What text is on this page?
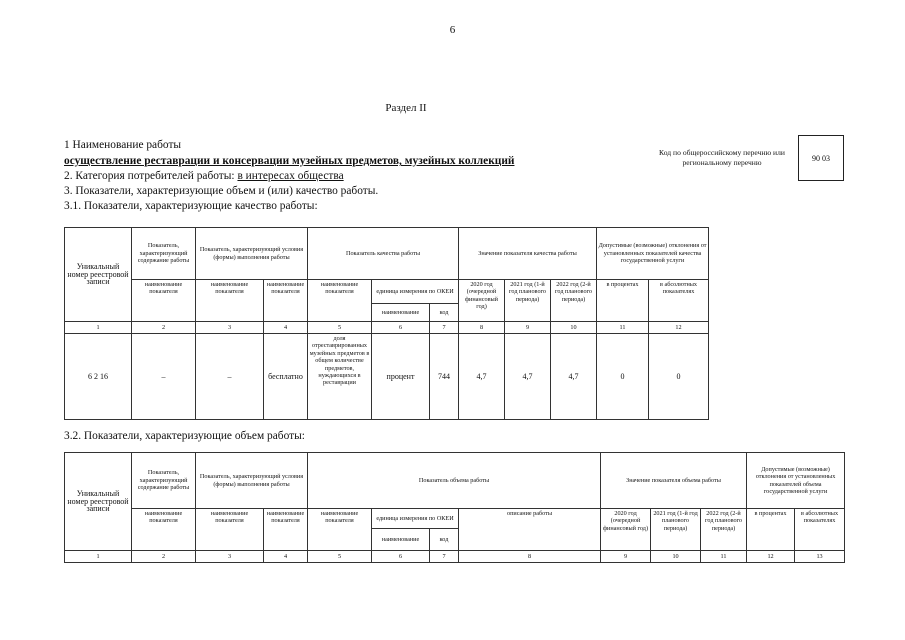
6
Раздел II
1 Наименование работы
осуществление реставрации и консервации музейных предметов, музейных коллекций
2. Категория потребителей работы: в интересах общества
3. Показатели, характеризующие объем и (или) качество работы.
3.1. Показатели, характеризующие качество работы:
3.2. Показатели, характеризующие объем работы:
Код по общероссийскому перечню или региональному перечню	90 03
Уникальный номер реестровой записи	Показатель, характеризующий содержание работы	Показатель, характеризующий условия (формы) выполнения работы		Показатель качества работы			Значение показателя качества работы			Допустимые (возможные) отклонения от установленных показателей качества государственной услуги	
	наименование показателя	наименование показателя	наименование показателя	наименование показателя	единица измерения по ОКЕИ		2020 год (очередной финансовый год)	2021 год (1-й год планового периода)	2022 год (2-й год планового периода)	в процентах	в абсолютных показателях
					наименование	код					
1	2	3	4	5	6	7	8	9	10	11	12
6 2 16	–	–	бесплатно	доля отреставрированных музейных предметов в общем количестве предметов, нуждающихся в реставрации	процент	744	4,7	4,7	4,7	0	0
Уникальный номер реестровой записи	Показатель, характеризующий содержание работы	Показатель, характеризующий условия (формы) выполнения работы		Показатель объема работы				Значение показателя объема работы			Допустимые (возможные) отклонения от установленных показателей объема государственной услуги	
	наименование показателя	наименование показателя	наименование показателя	наименование показателя	единица измерения по ОКЕИ		описание работы	2020 год (очередной финансовый год)	2021 год (1-й год планового периода)	2022 год (2-й год планового периода)	в процентах	в абсолютных показателях
					наименование	код						
1	2	3	4	5	6	7	8	9	10	11	12	13
